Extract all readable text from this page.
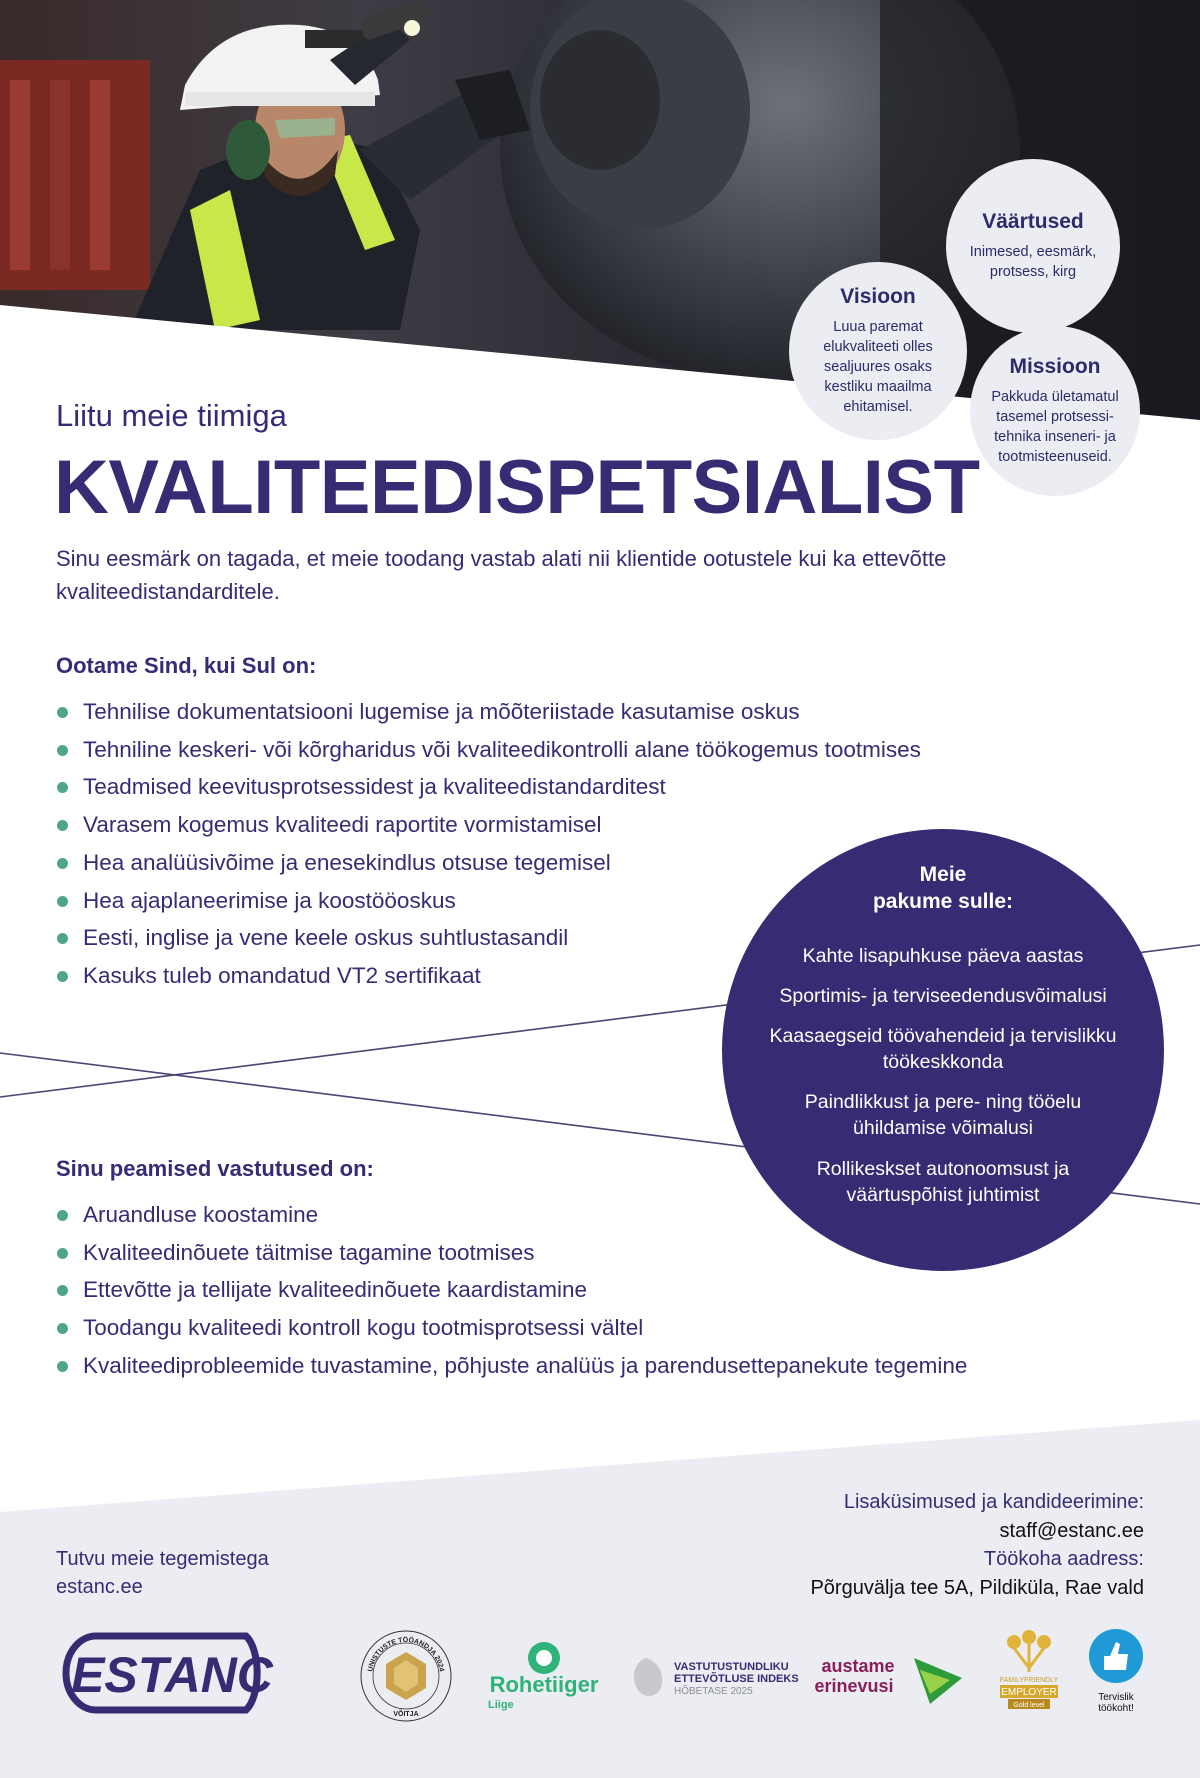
Väärtused

Inimesed, eesmärk, protsess, kirg

Visioon

Luua paremat elukvaliteeti olles sealjuures osaks kestliku maailma ehitamisel.

Missioon

Pakkuda ületamatul tasemel protsessi-tehnika inseneri- ja tootmisteenuseid.

Liitu meie tiimiga
KVALITEEDISPETSIALIST
Sinu eesmärk on tagada, et meie toodang vastab alati nii klientide ootustele kui ka ettevõtte kvaliteedistandarditele.
Ootame Sind, kui Sul on:
Tehnilise dokumentatsiooni lugemise ja mõõteriistade kasutamise oskus
Tehniline keskeri- või kõrgharidus või kvaliteedikontrolli alane töökogemus tootmises
Teadmised keevitusprotsessidest ja kvaliteedistandarditest
Varasem kogemus kvaliteedi raportite vormistamisel
Hea analüüsivõime ja enesekindlus otsuse tegemisel
Hea ajaplaneerimise ja koostööoskus
Eesti, inglise ja vene keele oskus suhtlustasandil
Kasuks tuleb omandatud VT2 sertifikaat
Meie
pakume sulle:
Kahte lisapuhkuse päeva aastas
Sportimis- ja terviseedendusvõimalusi
Kaasaegseid töövahendeid ja tervislikku töökeskkonda
Paindlikkust ja pere- ning tööelu ühildamise võimalusi
Rollikeskset autonoomsust ja väärtuspõhist juhtimist
Sinu peamised vastutused on:
Aruandluse koostamine
Kvaliteedinõuete täitmise tagamine tootmises
Ettevõtte ja tellijate kvaliteedinõuete kaardistamine
Toodangu kvaliteedi kontroll kogu tootmisprotsessi vältel
Kvaliteediprobleemide tuvastamine, põhjuste analüüs ja parendusettepanekute tegemine
Tutvu meie tegemistega
estanc.ee
Lisaküsimused ja kandideerimine:
staff@estanc.ee
Töökoha aadress:
Põrguvälja tee 5A, Pildiküla, Rae vald
ESTANC	UNISTUSTE TÖÖANDJA 2024
VÕITJA
Rohetiiger
Liige
VASTUTUSTUNDLIKU
ETTEVÕTLUSE INDEKS
HÕBETASE 2025
austame
erinevusi	FAMILYFRIENDLY
EMPLOYER
Gold level
Tervislik
töökoht!
